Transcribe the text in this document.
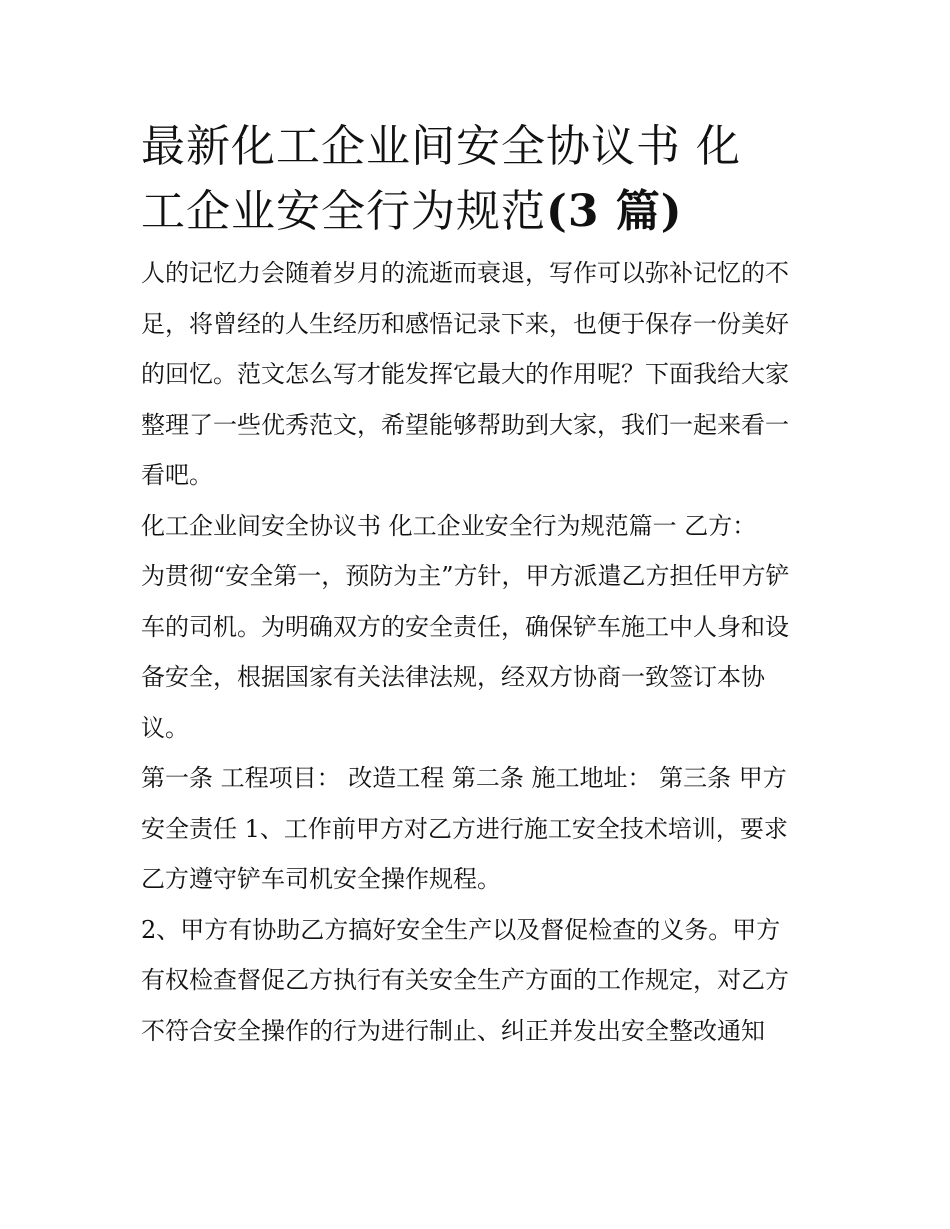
最新化工企业间安全协议书 化
工企业安全行为规范(3 篇)

人的记忆力会随着岁月的流逝而衰退，写作可以弥补记忆的不
足，将曾经的人生经历和感悟记录下来，也便于保存一份美好
的回忆。范文怎么写才能发挥它最大的作用呢？下面我给大家
整理了一些优秀范文，希望能够帮助到大家，我们一起来看一
看吧。

化工企业间安全协议书 化工企业安全行为规范篇一 乙方：

为贯彻“安全第一，预防为主”方针，甲方派遣乙方担任甲方铲
车的司机。为明确双方的安全责任，确保铲车施工中人身和设
备安全，根据国家有关法律法规，经双方协商一致签订本协
议。

第一条 工程项目： 改造工程 第二条 施工地址： 第三条 甲方
安全责任 1、工作前甲方对乙方进行施工安全技术培训，要求
乙方遵守铲车司机安全操作规程。

2、甲方有协助乙方搞好安全生产以及督促检查的义务。甲方
有权检查督促乙方执行有关安全生产方面的工作规定，对乙方
不符合安全操作的行为进行制止、纠正并发出安全整改通知
